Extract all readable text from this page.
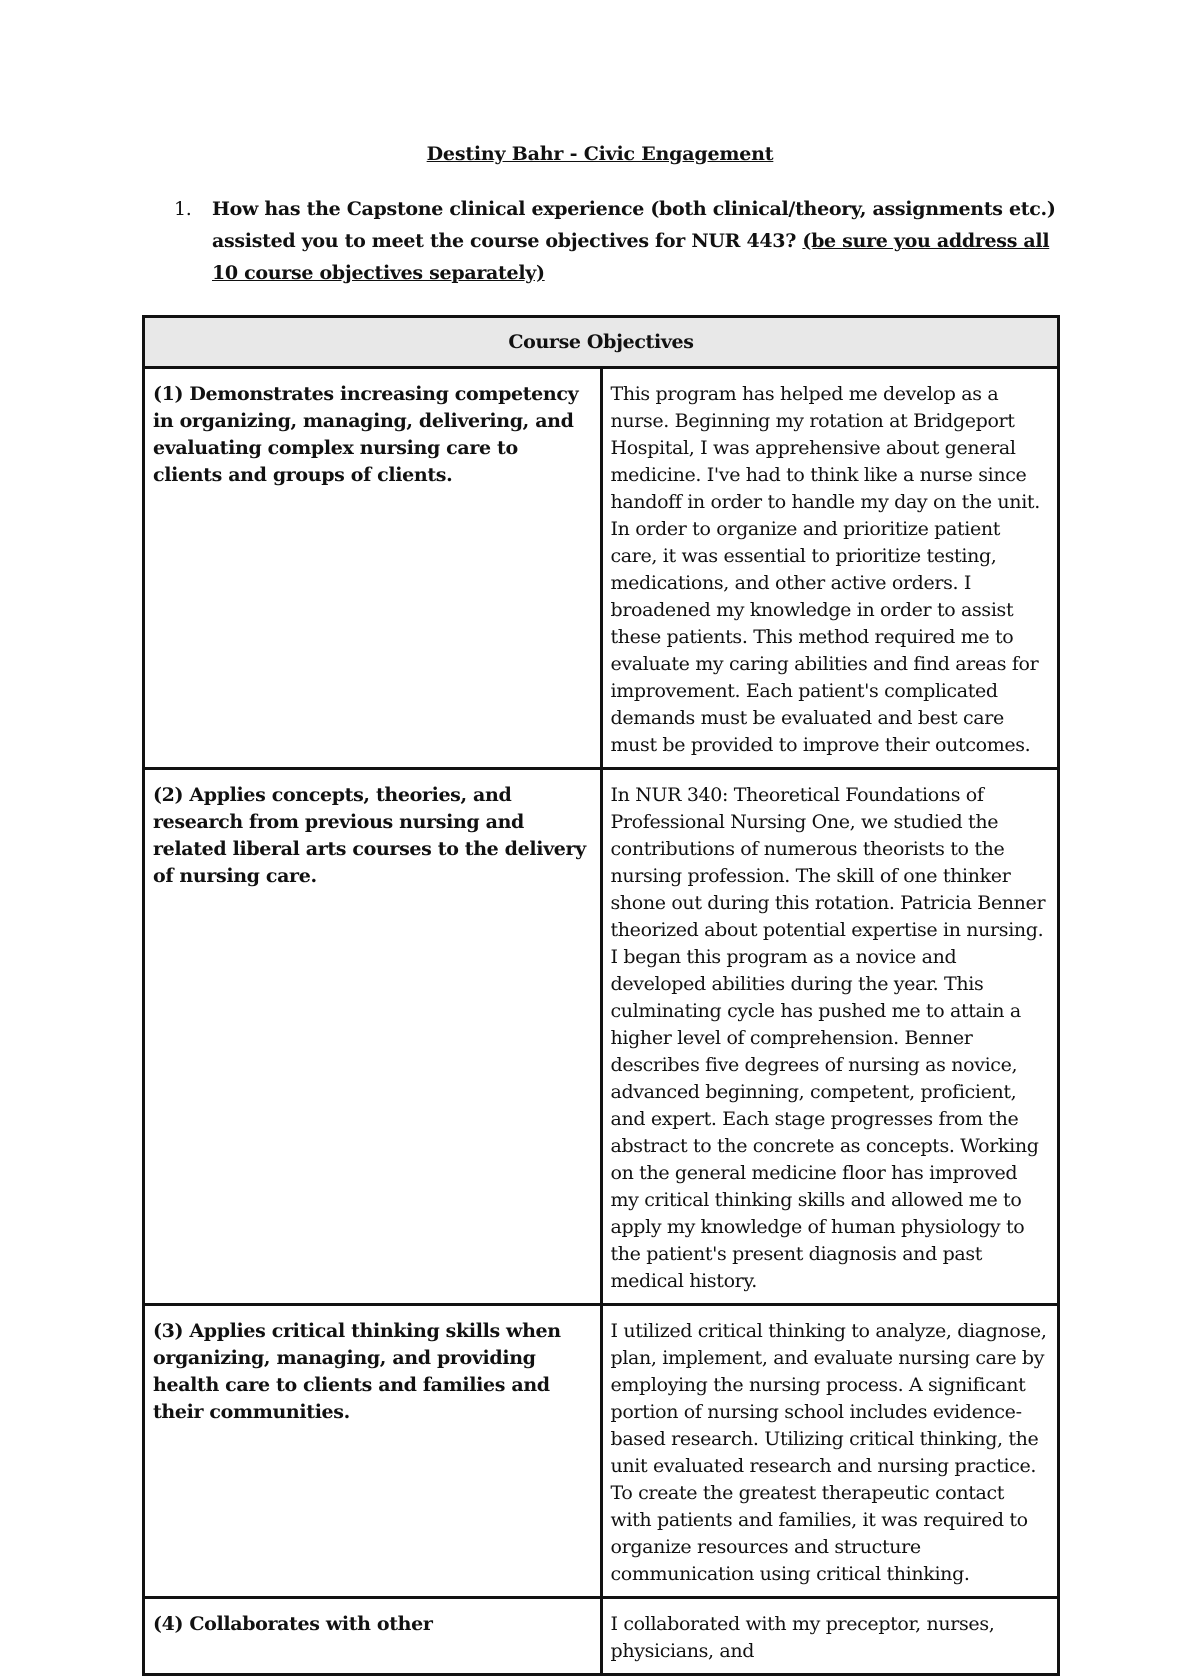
Destiny Bahr - Civic Engagement
1. How has the Capstone clinical experience (both clinical/theory, assignments etc.) assisted you to meet the course objectives for NUR 443? (be sure you address all 10 course objectives separately)
Course Objectives	
(1) Demonstrates increasing competency in organizing, managing, delivering, and evaluating complex nursing care to clients and groups of clients.	This program has helped me develop as a nurse. Beginning my rotation at Bridgeport Hospital, I was apprehensive about general medicine. I've had to think like a nurse since handoff in order to handle my day on the unit. In order to organize and prioritize patient care, it was essential to prioritize testing, medications, and other active orders. I broadened my knowledge in order to assist these patients. This method required me to evaluate my caring abilities and find areas for improvement. Each patient's complicated demands must be evaluated and best care must be provided to improve their outcomes.
(2) Applies concepts, theories, and research from previous nursing and related liberal arts courses to the delivery of nursing care.	In NUR 340: Theoretical Foundations of Professional Nursing One, we studied the contributions of numerous theorists to the nursing profession. The skill of one thinker shone out during this rotation. Patricia Benner theorized about potential expertise in nursing. I began this program as a novice and developed abilities during the year. This culminating cycle has pushed me to attain a higher level of comprehension. Benner describes five degrees of nursing as novice, advanced beginning, competent, proficient, and expert. Each stage progresses from the abstract to the concrete as concepts. Working on the general medicine floor has improved my critical thinking skills and allowed me to apply my knowledge of human physiology to the patient's present diagnosis and past medical history.
(3) Applies critical thinking skills when organizing, managing, and providing health care to clients and families and their communities.	I utilized critical thinking to analyze, diagnose, plan, implement, and evaluate nursing care by employing the nursing process. A significant portion of nursing school includes evidence-based research. Utilizing critical thinking, the unit evaluated research and nursing practice. To create the greatest therapeutic contact with patients and families, it was required to organize resources and structure communication using critical thinking.
(4) Collaborates with other	I collaborated with my preceptor, nurses, physicians, and
